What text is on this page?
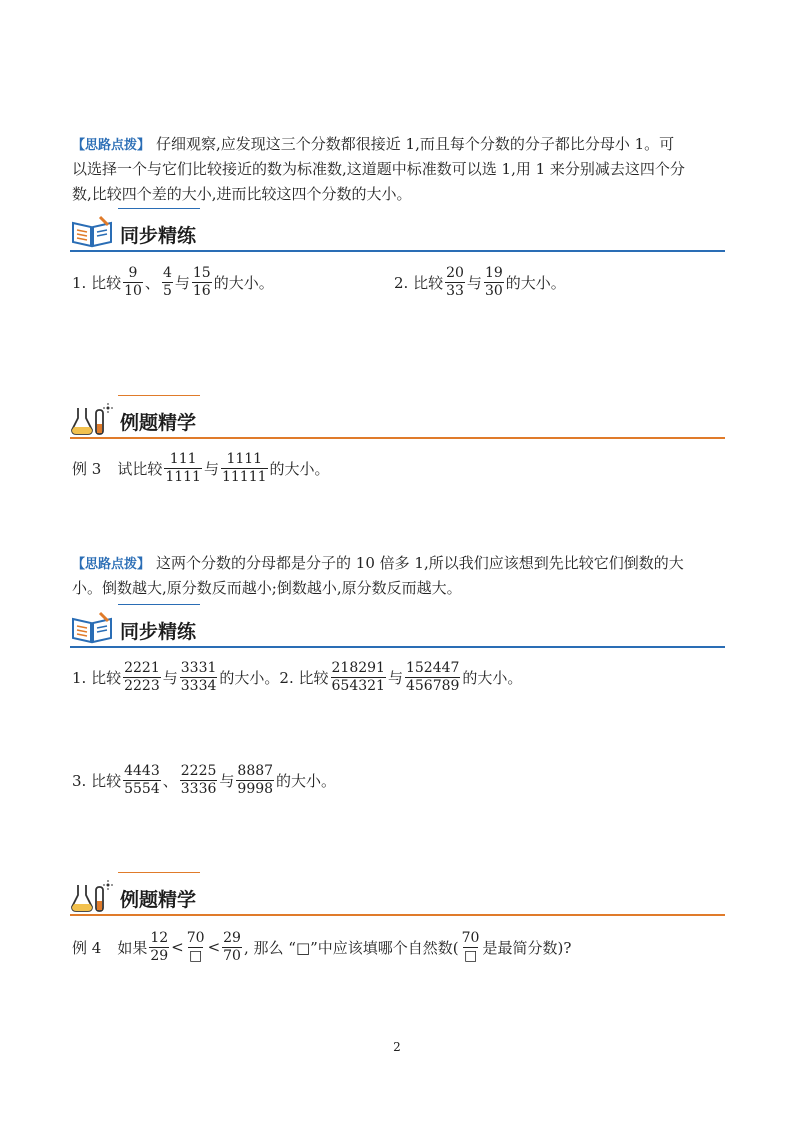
【思路点拨】 仔细观察,应发现这三个分数都很接近 1,而且每个分数的分子都比分母小 1。可
以选择一个与它们比较接近的数为标准数,这道题中标准数可以选 1,用 1 来分别减去这四个分
数,比较四个差的大小,进而比较这四个分数的大小。
同步精练
1. 比较 $\frac{9}{10}$ 、 $\frac{4}{5}$ 与 $\frac{15}{16}$ 的大小。	2. 比较 $\frac{20}{33}$ 与 $\frac{19}{30}$ 的大小。
例题精学
例 3 试比较 $\frac{111}{1111}$ 与 $\frac{1111}{11111}$ 的大小。
【思路点拨】 这两个分数的分母都是分子的 10 倍多 1,所以我们应该想到先比较它们倒数的大
小。倒数越大,原分数反而越小;倒数越小,原分数反而越大。
同步精练
1. 比较 $\frac{2221}{2223}$ 与 $\frac{3331}{3334}$ 的大小。 2. 比较 $\frac{218291}{654321}$ 与 $\frac{152447}{456789}$ 的大小。
3. 比较 $\frac{4443}{5554}$ 、 $\frac{2225}{3336}$ 与 $\frac{8887}{9998}$ 的大小。
例题精学
例 4 如果 $\frac{12}{29} < \frac{70}{□} < \frac{29}{70}$ , 那么 “□”中应该填哪个自然数( $\frac{70}{□}$ 是最简分数)?
2
